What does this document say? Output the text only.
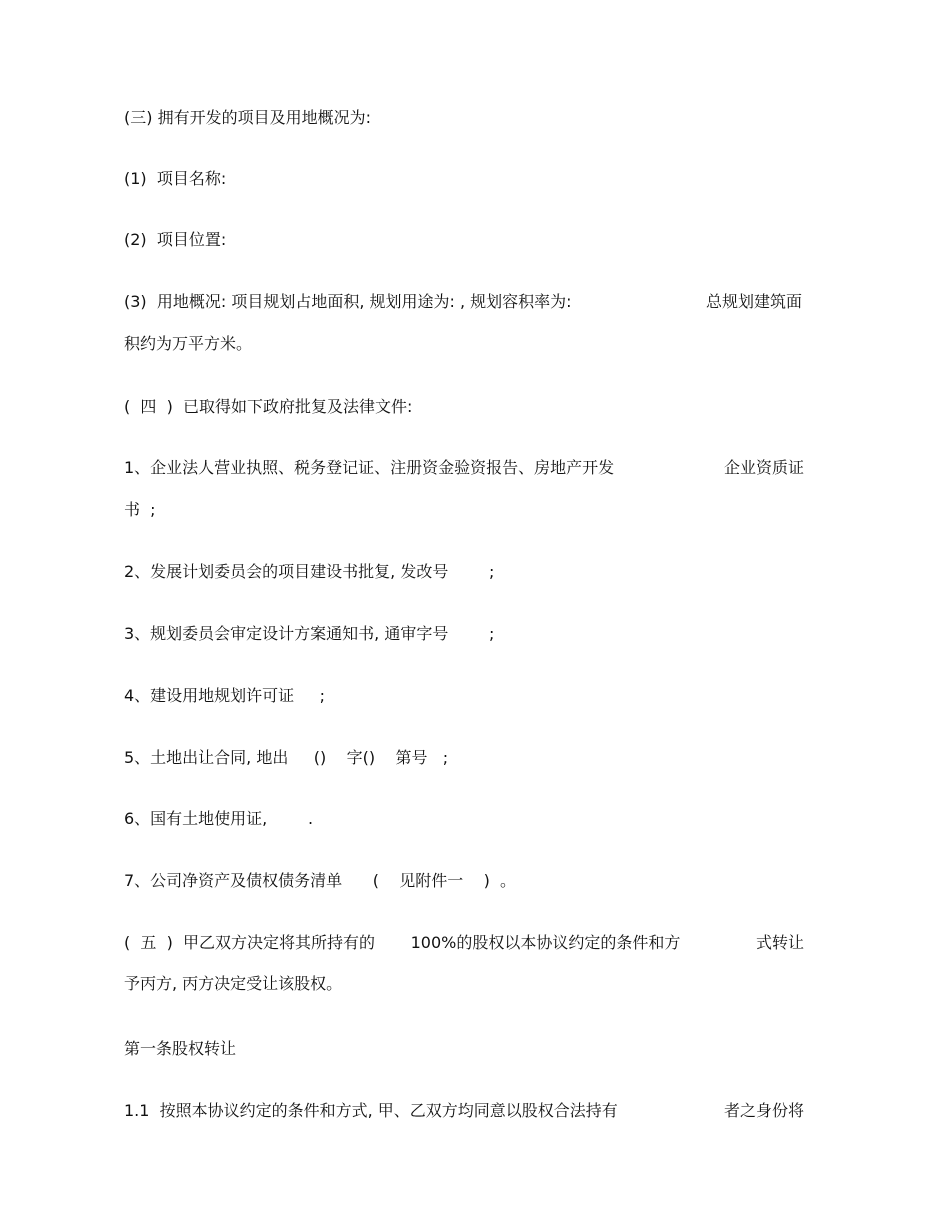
(三) 拥有开发的项目及用地概况为:
(1)  项目名称:
(2)  项目位置:
(3)  用地概况: 项目规划占地面积, 规划用途为: , 规划容积率为:	总规划建筑面
积约为万平方米。
(  四  )  已取得如下政府批复及法律文件:
1、企业法人营业执照、税务登记证、注册资金验资报告、房地产开发	企业资质证
书  ;
2、发展计划委员会的项目建设书批复, 发改号        ;
3、规划委员会审定设计方案通知书, 通审字号        ;
4、建设用地规划许可证     ;
5、土地出让合同, 地出     ()    字()    第号   ;
6、国有土地使用证,        .
7、公司净资产及债权债务清单      (    见附件一    )  。
(  五  )  甲乙双方决定将其所持有的       100%的股权以本协议约定的条件和方	式转让
予丙方, 丙方决定受让该股权。
第一条股权转让
1.1  按照本协议约定的条件和方式, 甲、乙双方均同意以股权合法持有	者之身份将
